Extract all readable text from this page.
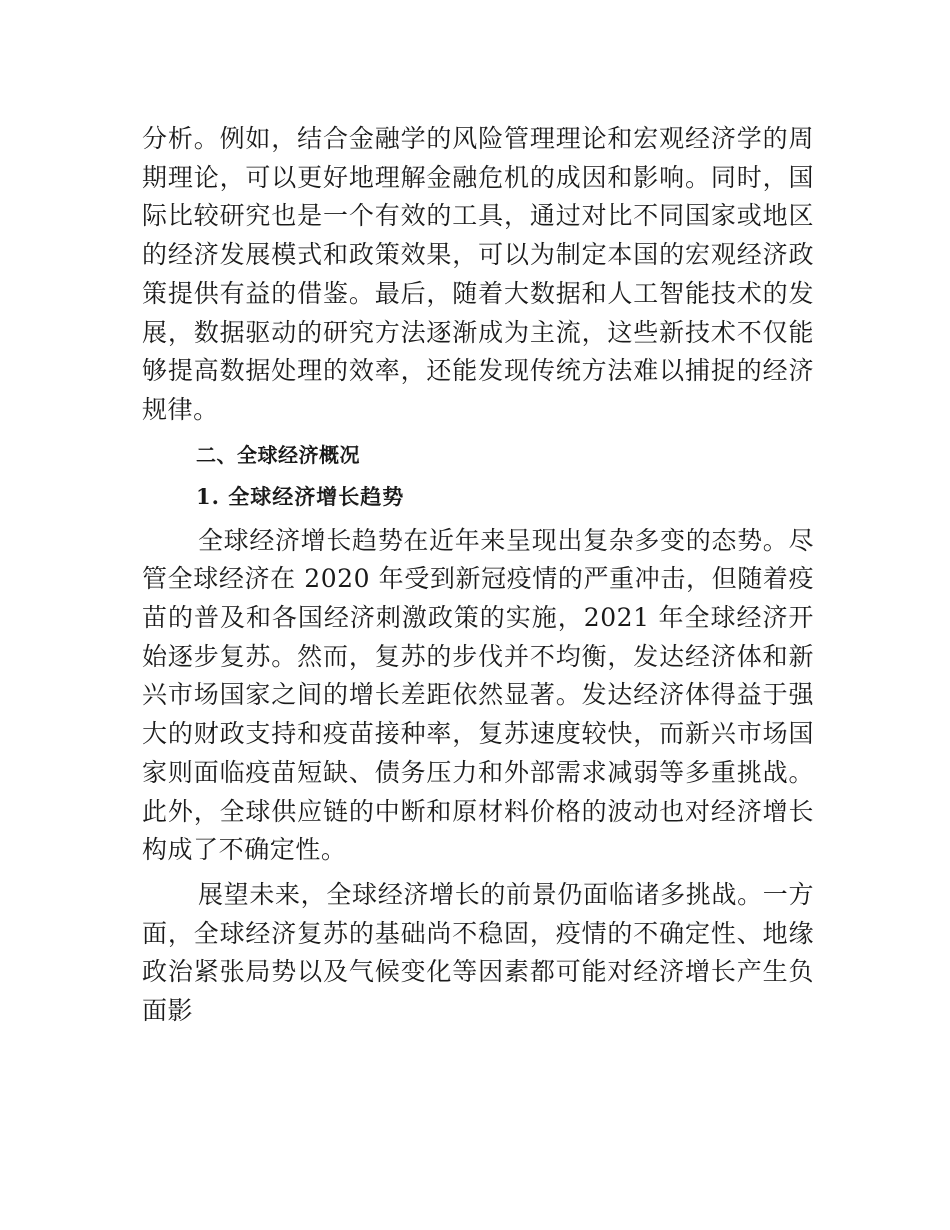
分析。例如，结合金融学的风险管理理论和宏观经济学的周期理论，可以更好地理解金融危机的成因和影响。同时，国际比较研究也是一个有效的工具，通过对比不同国家或地区的经济发展模式和政策效果，可以为制定本国的宏观经济政策提供有益的借鉴。最后，随着大数据和人工智能技术的发展，数据驱动的研究方法逐渐成为主流，这些新技术不仅能够提高数据处理的效率，还能发现传统方法难以捕捉的经济规律。

二、全球经济概况
1. 全球经济增长趋势

全球经济增长趋势在近年来呈现出复杂多变的态势。尽管全球经济在 2020 年受到新冠疫情的严重冲击，但随着疫苗的普及和各国经济刺激政策的实施，2021 年全球经济开始逐步复苏。然而，复苏的步伐并不均衡，发达经济体和新兴市场国家之间的增长差距依然显著。发达经济体得益于强大的财政支持和疫苗接种率，复苏速度较快，而新兴市场国家则面临疫苗短缺、债务压力和外部需求减弱等多重挑战。此外，全球供应链的中断和原材料价格的波动也对经济增长构成了不确定性。

展望未来，全球经济增长的前景仍面临诸多挑战。一方面，全球经济复苏的基础尚不稳固，疫情的不确定性、地缘政治紧张局势以及气候变化等因素都可能对经济增长产生负面影
